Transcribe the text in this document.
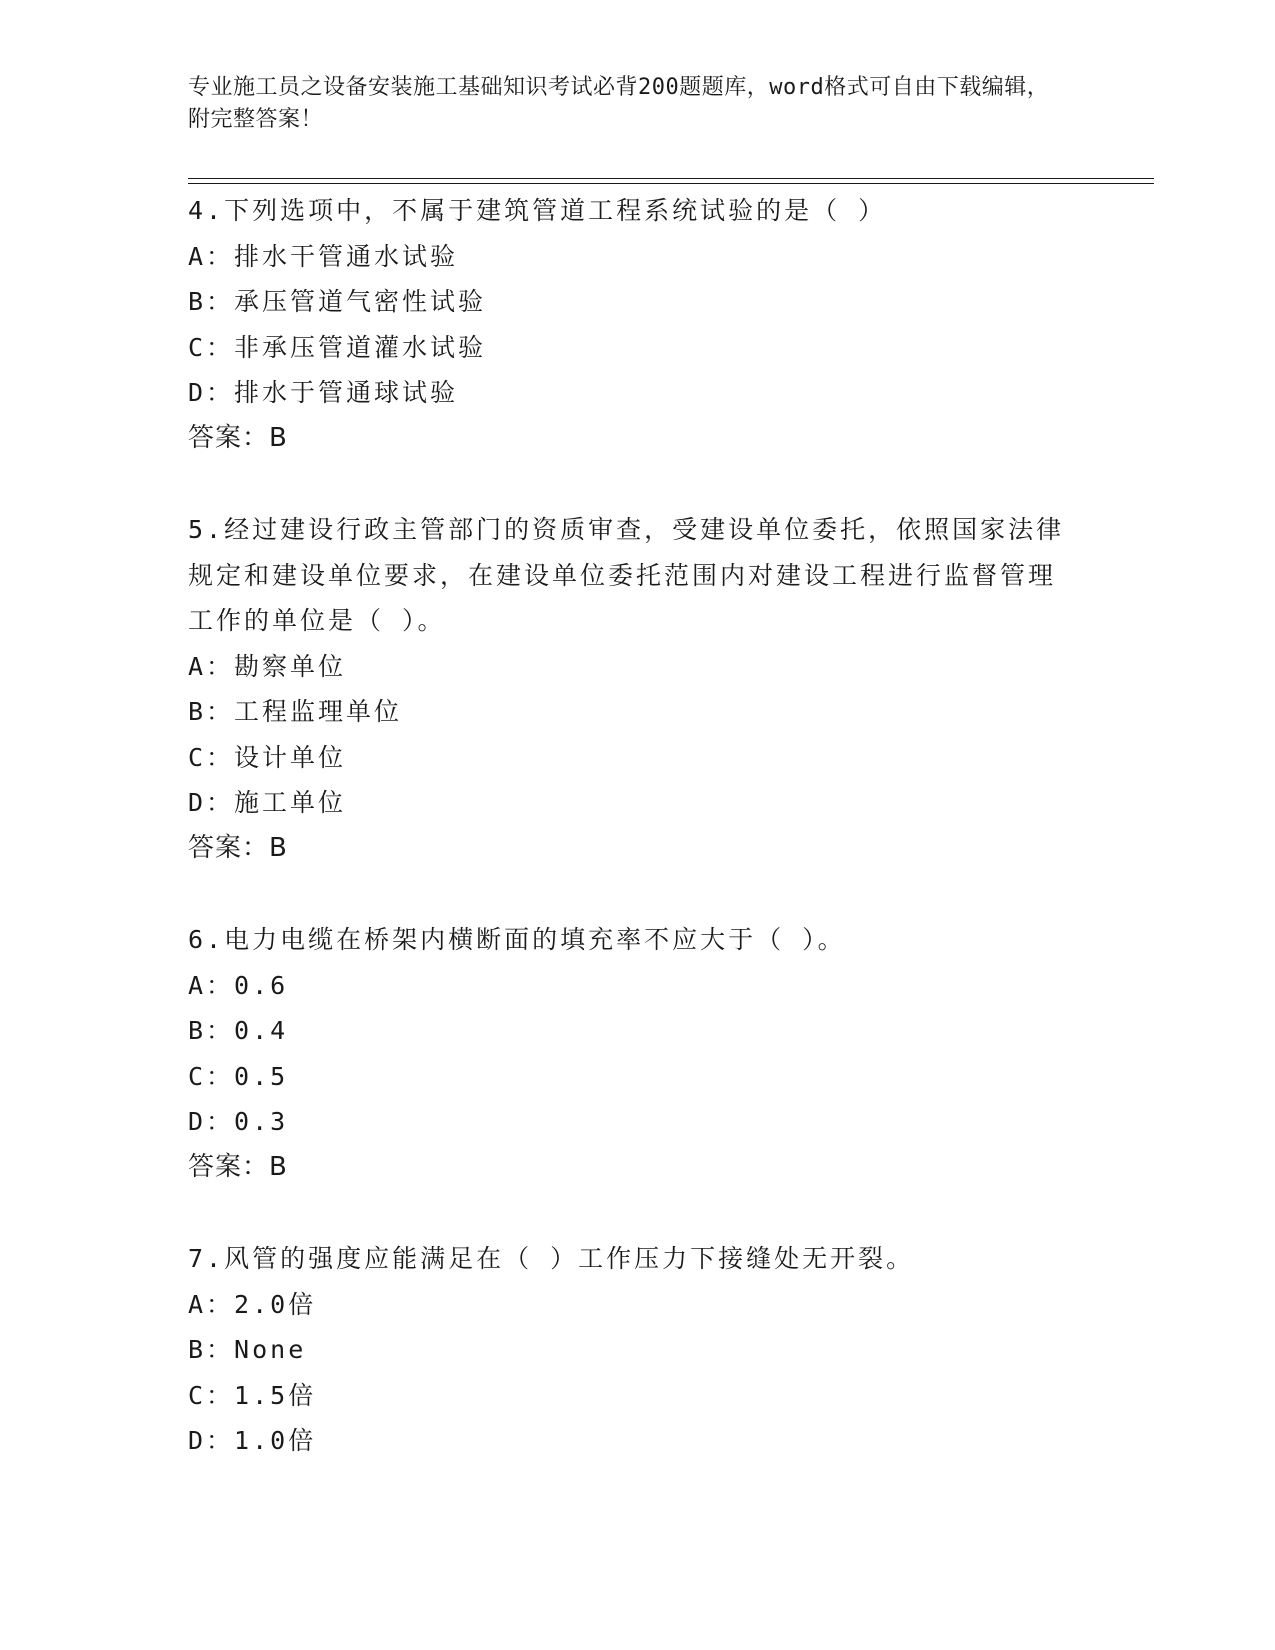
专业施工员之设备安装施工基础知识考试必背200题题库，word格式可自由下载编辑，附完整答案！
4.下列选项中，不属于建筑管道工程系统试验的是（ ）
A：排水干管通水试验
B：承压管道气密性试验
C：非承压管道灌水试验
D：排水于管通球试验
答案：B
5.经过建设行政主管部门的资质审查，受建设单位委托，依照国家法律规定和建设单位要求，在建设单位委托范围内对建设工程进行监督管理工作的单位是（ ）。
A：勘察单位
B：工程监理单位
C：设计单位
D：施工单位
答案：B
6.电力电缆在桥架内横断面的填充率不应大于（ ）。
A：0.6
B：0.4
C：0.5
D：0.3
答案：B
7.风管的强度应能满足在（ ）工作压力下接缝处无开裂。
A：2.0倍
B：None
C：1.5倍
D：1.0倍
